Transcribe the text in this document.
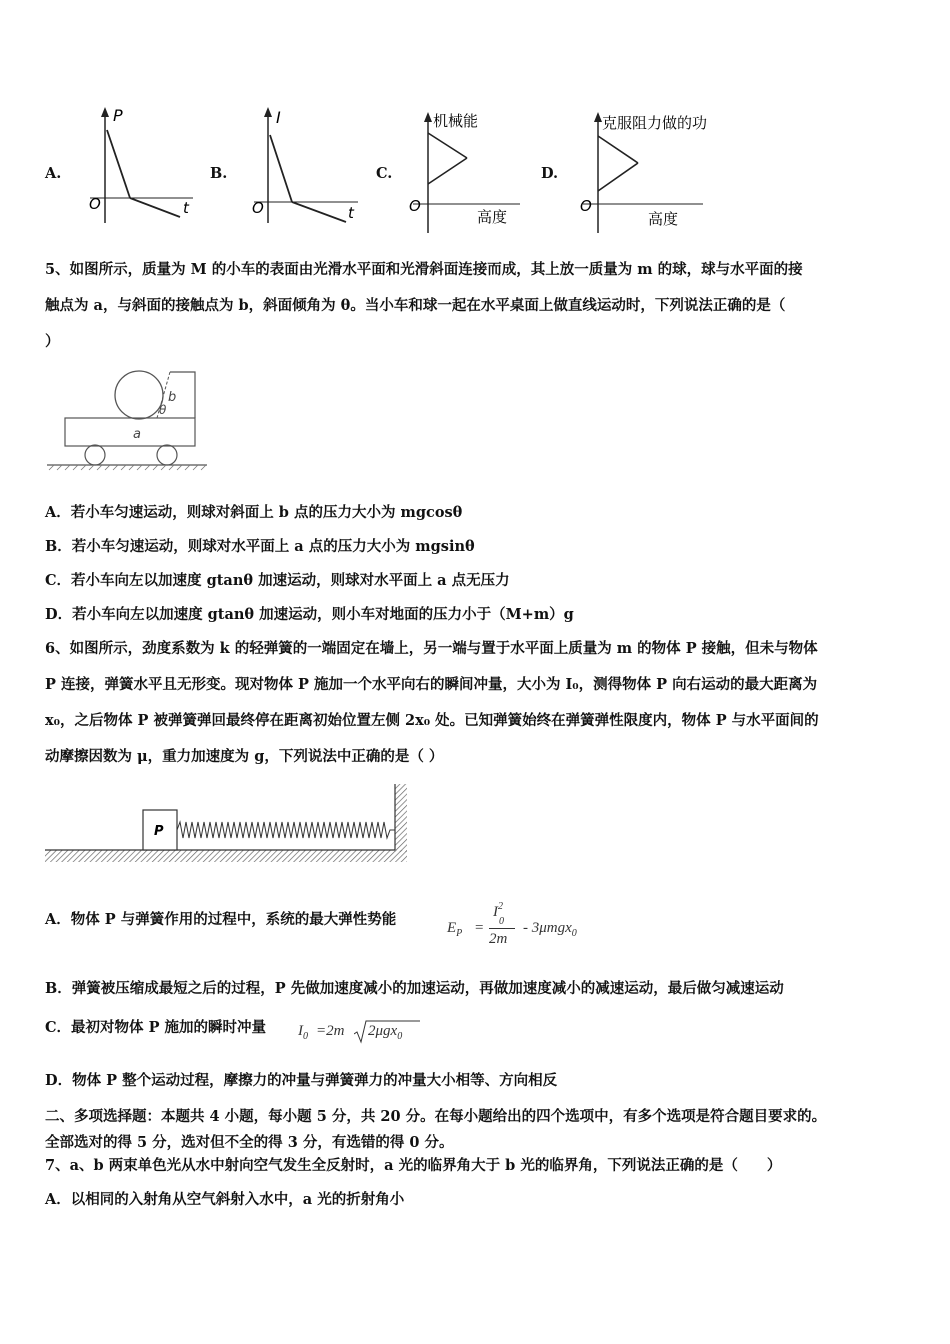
A.
P
O	t
B.
I
O	t
C.
机械能
O
高度
D.
克服阻力做的功
O
高度
5、如图所示，质量为 M 的小车的表面由光滑水平面和光滑斜面连接而成，其上放一质量为 m 的球，球与水平面的接
触点为 a，与斜面的接触点为 b，斜面倾角为 θ。当小车和球一起在水平桌面上做直线运动时，下列说法正确的是（
）
b
θ
a
A．若小车匀速运动，则球对斜面上 b 点的压力大小为 mgcosθ
B．若小车匀速运动，则球对水平面上 a 点的压力大小为 mgsinθ
C．若小车向左以加速度 gtanθ 加速运动，则球对水平面上 a 点无压力
D．若小车向左以加速度 gtanθ 加速运动，则小车对地面的压力小于（M+m）g
6、如图所示，劲度系数为 k 的轻弹簧的一端固定在墙上，另一端与置于水平面上质量为 m 的物体 P 接触，但未与物体
P 连接，弹簧水平且无形变。现对物体 P 施加一个水平向右的瞬间冲量，大小为 I₀，测得物体 P 向右运动的最大距离为
x₀，之后物体 P 被弹簧弹回最终停在距离初始位置左侧 2x₀ 处。已知弹簧始终在弹簧弹性限度内，物体 P 与水平面间的
动摩擦因数为 μ，重力加速度为 g，下列说法中正确的是（ ）
P
A．物体 P 与弹簧作用的过程中，系统的最大弹性势能	$E_P$ =
$I^2$
0
2m
- 3μmgx$_0$
B．弹簧被压缩成最短之后的过程，P 先做加速度减小的加速运动，再做加速度减小的减速运动，最后做匀减速运动
C．最初对物体 P 施加的瞬时冲量	$I_0 =2m$ 2μgx$_0$
D．物体 P 整个运动过程，摩擦力的冲量与弹簧弹力的冲量大小相等、方向相反
二、多项选择题：本题共 4 小题，每小题 5 分，共 20 分。在每小题给出的四个选项中，有多个选项是符合题目要求的。
全部选对的得 5 分，选对但不全的得 3 分，有选错的得 0 分。
7、a、b 两束单色光从水中射向空气发生全反射时，a 光的临界角大于 b 光的临界角，下列说法正确的是（　　）
A．以相同的入射角从空气斜射入水中，a 光的折射角小
